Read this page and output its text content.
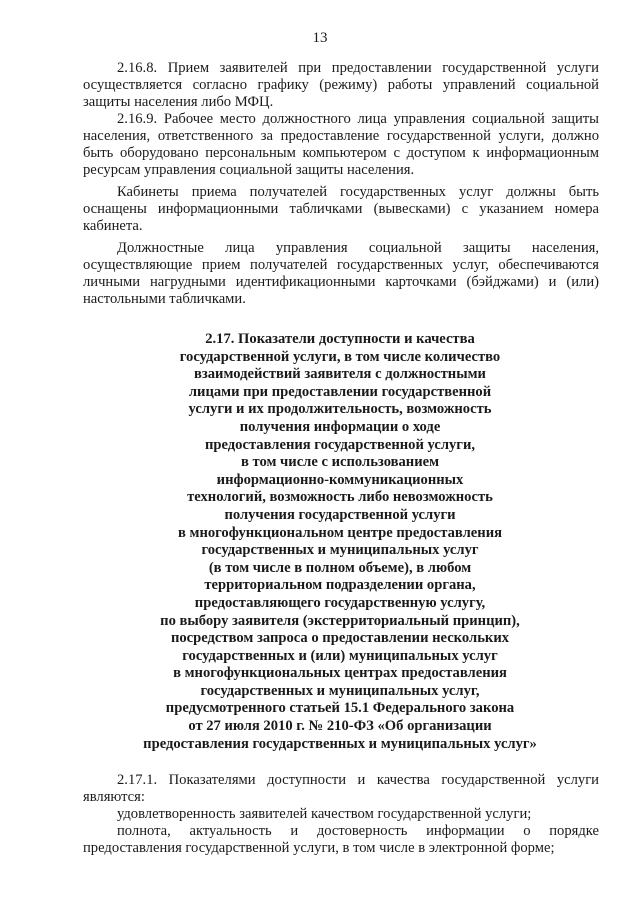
13

2.16.8. Прием заявителей при предоставлении государственной услуги осуществляется согласно графику (режиму) работы управлений социальной защиты населения либо МФЦ.

2.16.9. Рабочее место должностного лица управления социальной защиты населения, ответственного за предоставление государственной услуги, должно быть оборудовано персональным компьютером с доступом к информационным ресурсам управления социальной защиты населения.

Кабинеты приема получателей государственных услуг должны быть оснащены информационными табличками (вывесками) с указанием номера кабинета.

Должностные лица управления социальной защиты населения, осуществляющие прием получателей государственных услуг, обеспечиваются личными нагрудными идентификационными карточками (бэйджами) и (или) настольными табличками.

2.17. Показатели доступности и качества
государственной услуги, в том числе количество
взаимодействий заявителя с должностными
лицами при предоставлении государственной
услуги и их продолжительность, возможность
получения информации о ходе
предоставления государственной услуги,
в том числе с использованием
информационно-коммуникационных
технологий, возможность либо невозможность
получения государственной услуги
в многофункциональном центре предоставления
государственных и муниципальных услуг
(в том числе в полном объеме), в любом
территориальном подразделении органа,
предоставляющего государственную услугу,
по выбору заявителя (экстерриториальный принцип),
посредством запроса о предоставлении нескольких
государственных и (или) муниципальных услуг
в многофункциональных центрах предоставления
государственных и муниципальных услуг,
предусмотренного статьей 15.1 Федерального закона
от 27 июля 2010 г. № 210-ФЗ «Об организации
предоставления государственных и муниципальных услуг»

2.17.1. Показателями доступности и качества государственной услуги являются:

удовлетворенность заявителей качеством государственной услуги;

полнота, актуальность и достоверность информации о порядке предоставления государственной услуги, в том числе в электронной форме;
